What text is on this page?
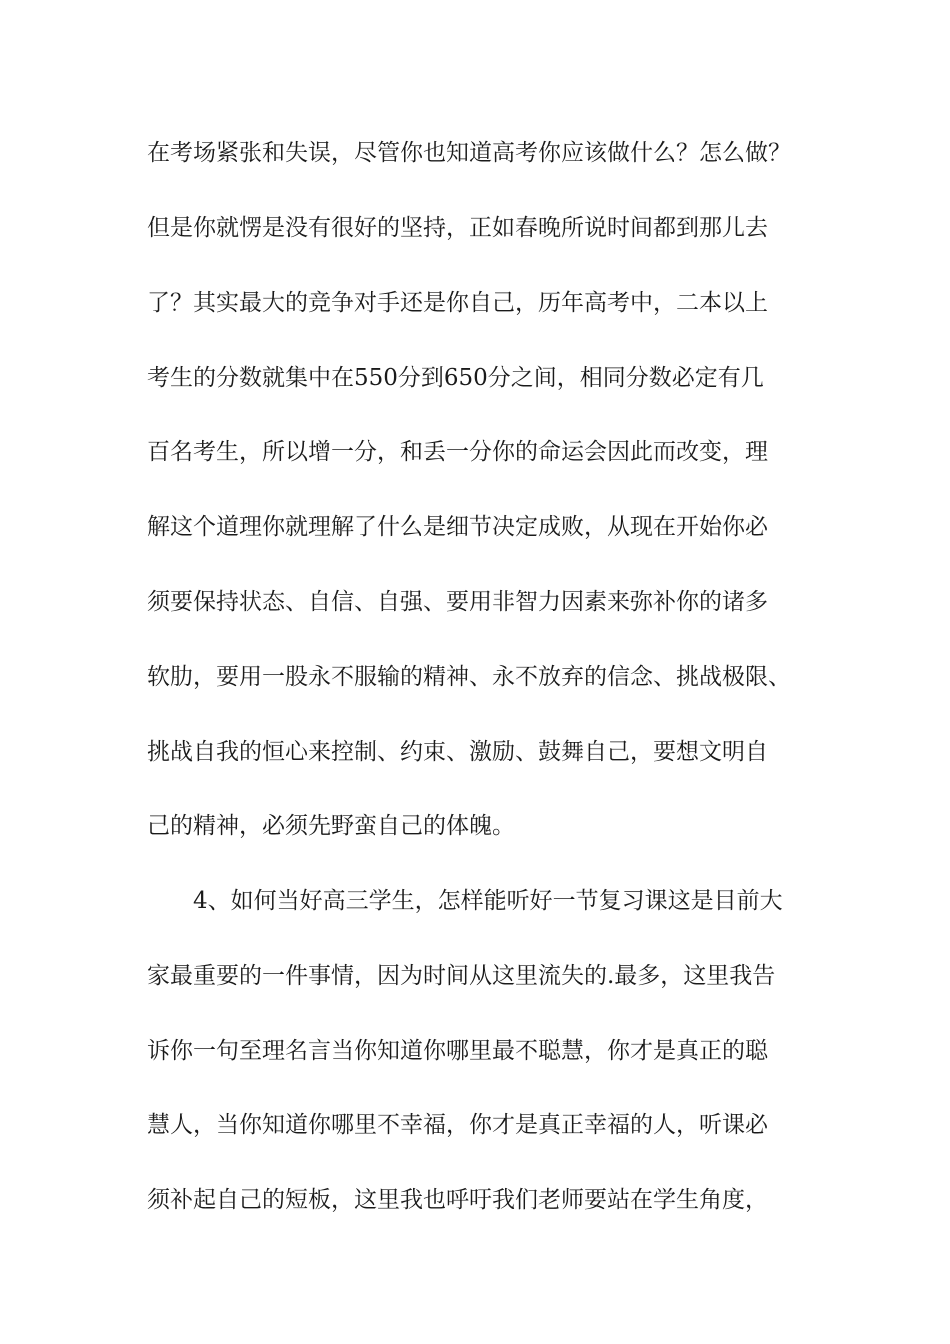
在考场紧张和失误，尽管你也知道高考你应该做什么？怎么做？
但是你就愣是没有很好的坚持，正如春晚所说时间都到那儿去
了？其实最大的竞争对手还是你自己，历年高考中，二本以上
考生的分数就集中在550分到650分之间，相同分数必定有几
百名考生，所以增一分，和丢一分你的命运会因此而改变，理
解这个道理你就理解了什么是细节决定成败，从现在开始你必
须要保持状态、自信、自强、要用非智力因素来弥补你的诸多
软肋，要用一股永不服输的精神、永不放弃的信念、挑战极限、
挑战自我的恒心来控制、约束、激励、鼓舞自己，要想文明自
己的精神，必须先野蛮自己的体魄。
4、如何当好高三学生，怎样能听好一节复习课这是目前大
家最重要的一件事情，因为时间从这里流失的.最多，这里我告
诉你一句至理名言当你知道你哪里最不聪慧，你才是真正的聪
慧人，当你知道你哪里不幸福，你才是真正幸福的人，听课必
须补起自己的短板，这里我也呼吁我们老师要站在学生角度，
